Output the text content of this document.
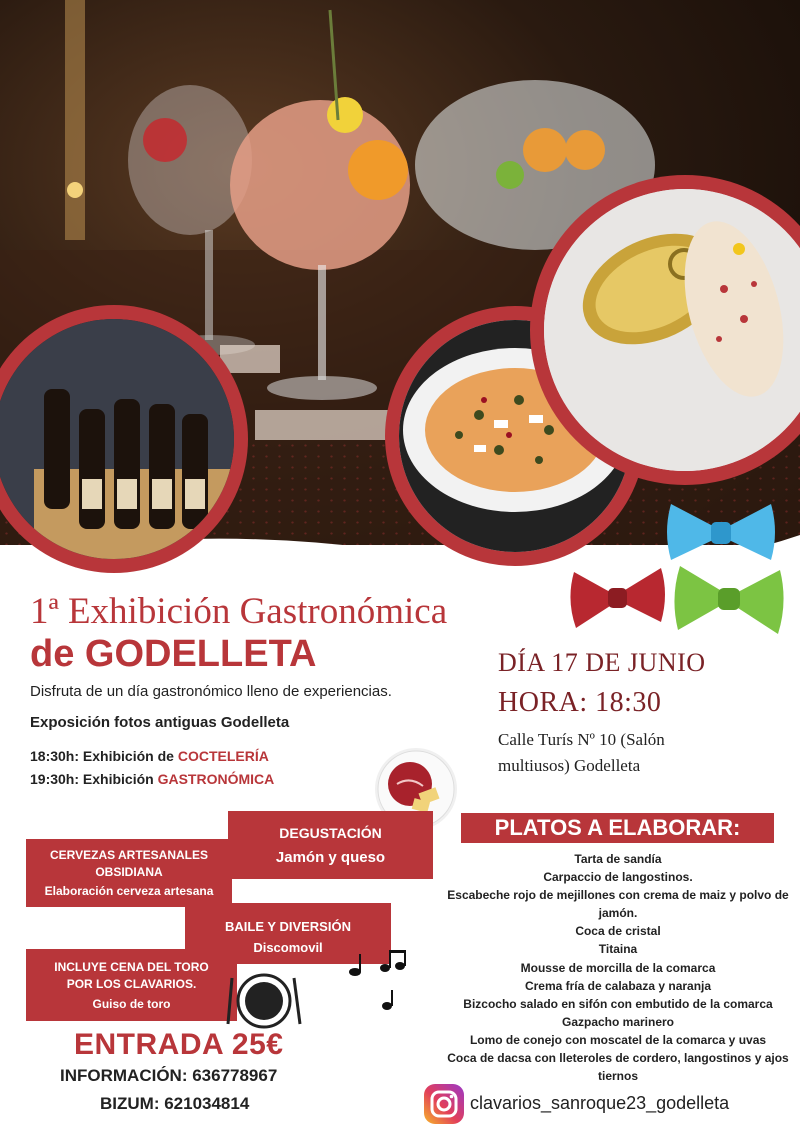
1ª Exhibición Gastronómica
de GODELLETA
Disfruta de un día gastronómico lleno de experiencias.
Exposición fotos antiguas Godelleta
18:30h: Exhibición de COCTELERÍA
19:30h: Exhibición GASTRONÓMICA
DÍA 17 DE JUNIO
HORA: 18:30
Calle Turís Nº 10 (Salón multiusos) Godelleta
DEGUSTACIÓN
Jamón y queso
CERVEZAS ARTESANALES OBSIDIANA
Elaboración cerveza artesana
BAILE Y DIVERSIÓN
Discomovil
INCLUYE CENA DEL TORO POR LOS CLAVARIOS.
Guiso de toro
PLATOS A ELABORAR:
Tarta de sandía
Carpaccio de langostinos.
Escabeche rojo de mejillones con crema de maiz y polvo de jamón.
Coca de cristal
Titaina
Mousse de morcilla de la comarca
Crema fría de calabaza y naranja
Bizcocho salado en sifón con embutido de la comarca
Gazpacho marinero
Lomo de conejo con moscatel de la comarca y uvas
Coca de dacsa con lleteroles de cordero, langostinos y ajos tiernos
ENTRADA 25€
INFORMACIÓN: 636778967
BIZUM: 621034814	clavarios_sanroque23_godelleta
